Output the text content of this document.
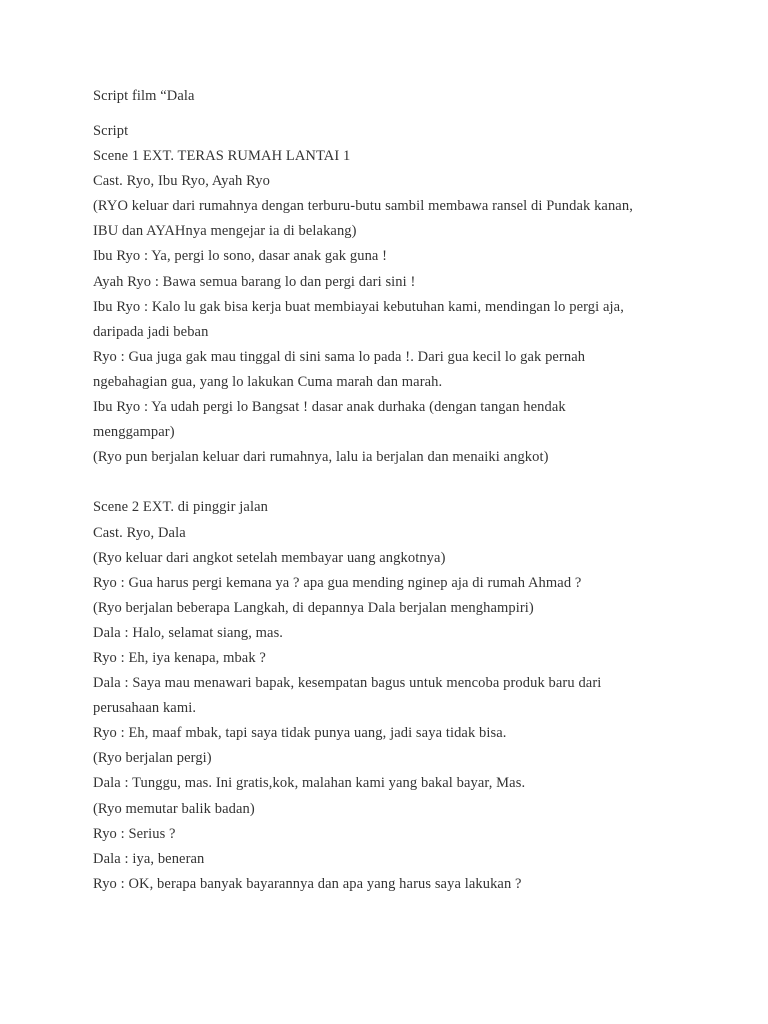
Script film “Dala
Script
Scene 1 EXT. TERAS RUMAH LANTAI 1
Cast. Ryo, Ibu Ryo, Ayah Ryo
(RYO keluar dari rumahnya dengan terburu-butu sambil membawa ransel di Pundak kanan,
IBU dan AYAHnya mengejar ia di belakang)
Ibu Ryo : Ya, pergi lo sono, dasar anak gak guna !
Ayah Ryo : Bawa semua barang lo dan pergi dari sini !
Ibu Ryo : Kalo lu gak bisa kerja buat membiayai kebutuhan kami, mendingan lo pergi aja,
daripada jadi beban
Ryo : Gua juga gak mau tinggal di sini sama lo pada !. Dari gua kecil lo gak pernah
ngebahagian gua, yang lo lakukan Cuma marah dan marah.
Ibu Ryo : Ya udah pergi lo Bangsat ! dasar anak durhaka (dengan tangan hendak
menggampar)
(Ryo pun berjalan keluar dari rumahnya, lalu ia berjalan dan menaiki angkot)
Scene 2 EXT. di pinggir jalan
Cast. Ryo, Dala
(Ryo keluar dari angkot setelah membayar uang angkotnya)
Ryo : Gua harus pergi kemana ya ? apa gua mending nginep aja di rumah Ahmad ?
(Ryo berjalan beberapa Langkah, di depannya Dala berjalan menghampiri)
Dala : Halo, selamat siang, mas.
Ryo : Eh, iya kenapa, mbak ?
Dala : Saya mau menawari bapak, kesempatan bagus untuk mencoba produk baru dari
perusahaan kami.
Ryo : Eh, maaf mbak, tapi saya tidak punya uang, jadi saya tidak bisa.
(Ryo berjalan pergi)
Dala : Tunggu, mas. Ini gratis,kok, malahan kami yang bakal bayar, Mas.
(Ryo memutar balik badan)
Ryo : Serius ?
Dala : iya, beneran
Ryo : OK, berapa banyak bayarannya dan apa yang harus saya lakukan ?
